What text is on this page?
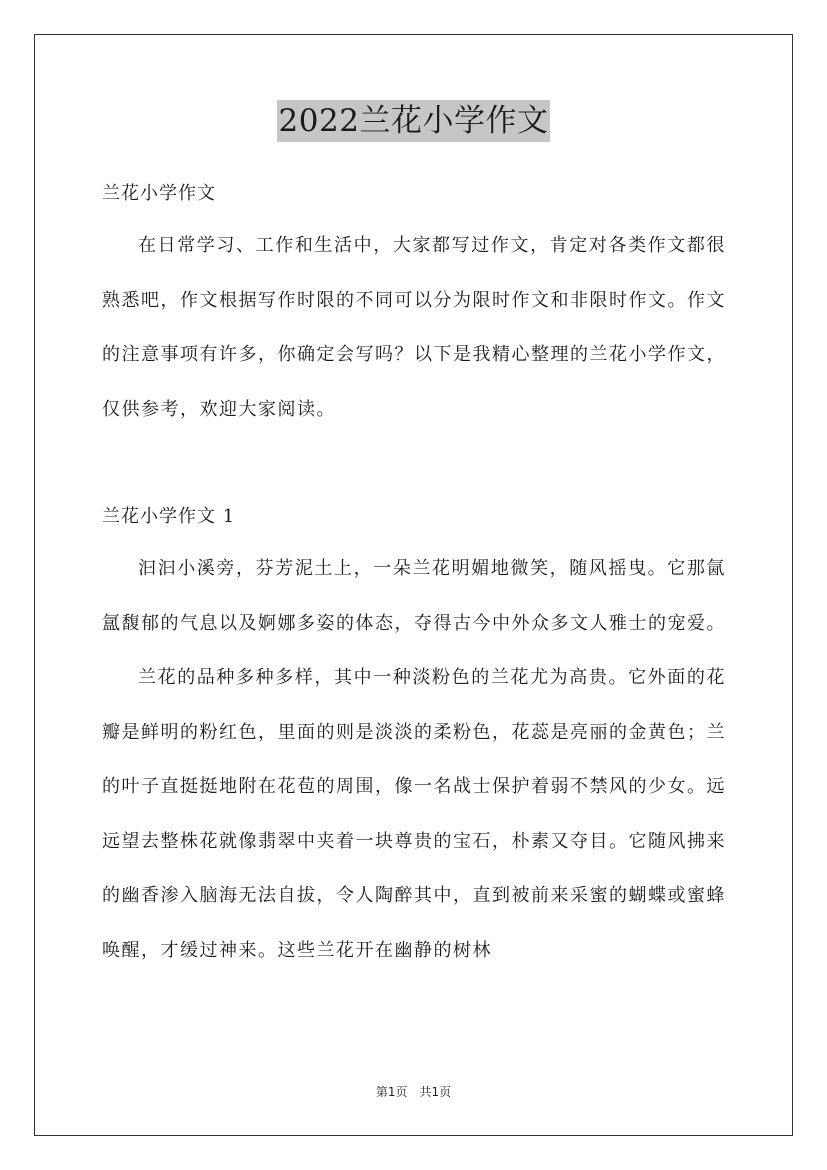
2022兰花小学作文

兰花小学作文

在日常学习、工作和生活中，大家都写过作文，肯定对各类作文都很熟悉吧，作文根据写作时限的不同可以分为限时作文和非限时作文。作文的注意事项有许多，你确定会写吗？以下是我精心整理的兰花小学作文，仅供参考，欢迎大家阅读。

兰花小学作文 1

汩汩小溪旁，芬芳泥土上，一朵兰花明媚地微笑，随风摇曳。它那氤氲馥郁的气息以及婀娜多姿的体态，夺得古今中外众多文人雅士的宠爱。

兰花的品种多种多样，其中一种淡粉色的兰花尤为高贵。它外面的花瓣是鲜明的粉红色，里面的则是淡淡的柔粉色，花蕊是亮丽的金黄色；兰的叶子直挺挺地附在花苞的周围，像一名战士保护着弱不禁风的少女。远远望去整株花就像翡翠中夹着一块尊贵的宝石，朴素又夺目。它随风拂来的幽香渗入脑海无法自拔，令人陶醉其中，直到被前来采蜜的蝴蝶或蜜蜂唤醒，才缓过神来。这些兰花开在幽静的树林

第1页　共1页
